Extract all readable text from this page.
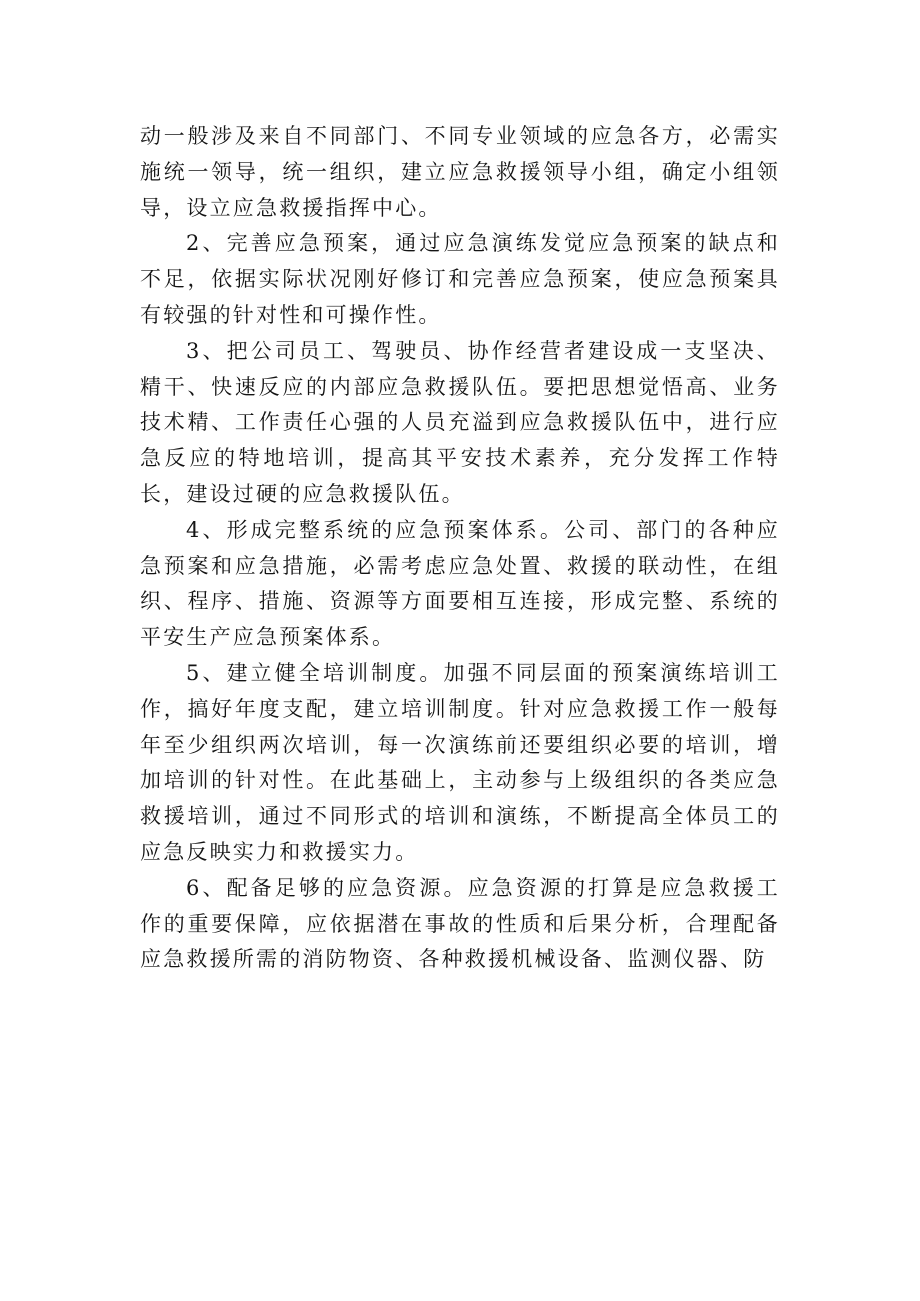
动一般涉及来自不同部门、不同专业领域的应急各方，必需实施统一领导，统一组织，建立应急救援领导小组，确定小组领导，设立应急救援指挥中心。

2、完善应急预案，通过应急演练发觉应急预案的缺点和不足，依据实际状况刚好修订和完善应急预案，使应急预案具有较强的针对性和可操作性。

3、把公司员工、驾驶员、协作经营者建设成一支坚决、精干、快速反应的内部应急救援队伍。要把思想觉悟高、业务技术精、工作责任心强的人员充溢到应急救援队伍中，进行应急反应的特地培训，提高其平安技术素养，充分发挥工作特长，建设过硬的应急救援队伍。

4、形成完整系统的应急预案体系。公司、部门的各种应急预案和应急措施，必需考虑应急处置、救援的联动性，在组织、程序、措施、资源等方面要相互连接，形成完整、系统的平安生产应急预案体系。

5、建立健全培训制度。加强不同层面的预案演练培训工作，搞好年度支配，建立培训制度。针对应急救援工作一般每年至少组织两次培训，每一次演练前还要组织必要的培训，增加培训的针对性。在此基础上，主动参与上级组织的各类应急救援培训，通过不同形式的培训和演练，不断提高全体员工的应急反映实力和救援实力。

6、配备足够的应急资源。应急资源的打算是应急救援工作的重要保障，应依据潜在事故的性质和后果分析，合理配备应急救援所需的消防物资、各种救援机械设备、监测仪器、防
